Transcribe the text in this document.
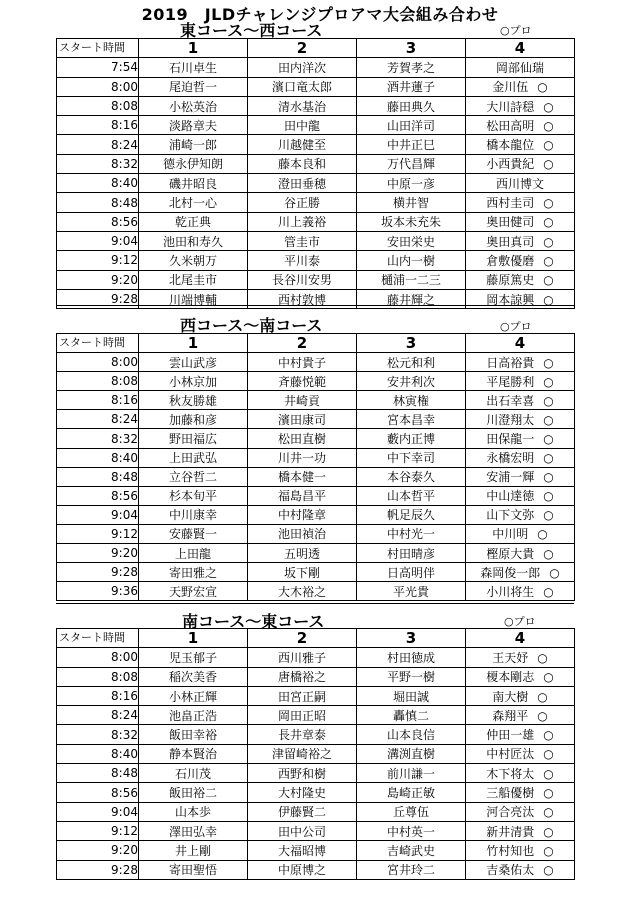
2019　JLDチャレンジプロアマ大会組み合わせ
東コース～西コース	○プロ
スタート時間	1	2	3	4
7:54	石川卓生	田内洋次	芳賀孝之	岡部仙瑞
8:00	尾迫哲一	濱口竜太郎	酒井蓮子	金川伍 ○
8:08	小松英治	清水基治	藤田典久	大川詩穏 ○
8:16	淡路章夫	田中龍	山田洋司	松田高明 ○
8:24	浦崎一郎	川越健至	中井正巳	橋本龍位 ○
8:32	德永伊知朗	藤本良和	万代昌輝	小西貴紀 ○
8:40	磯井昭良	澄田垂穂	中原一彦	西川博文
8:48	北村一心	谷正勝	横井智	西村圭司 ○
8:56	乾正典	川上義裕	坂本未充朱	奥田健司 ○
9:04	池田和寿久	管圭市	安田栄史	奥田真司 ○
9:12	久米朝万	平川泰	山内一樹	倉敷優磨 ○
9:20	北尾圭市	長谷川安男	樋浦一二三	藤原篤史 ○
9:28	川端博輔	西村敦博	藤井輝之	岡本諒興 ○
西コース～南コース	○プロ
スタート時間	1	2	3	4
8:00	雲山武彦	中村貴子	松元和利	日高裕貴 ○
8:08	小林京加	斉藤悦範	安井利次	平尾勝利 ○
8:16	秋友勝雄	井崎貢	林寅権	出石幸喜 ○
8:24	加藤和彦	濱田康司	宮本昌幸	川澄翔太 ○
8:32	野田福広	松田直樹	藪内正博	田保龍一 ○
8:40	上田武弘	川井一功	中下幸司	永橋宏明 ○
8:48	立谷哲二	橋本健一	本谷泰久	安浦一輝 ○
8:56	杉本旬平	福島昌平	山本哲平	中山達徳 ○
9:04	中川康幸	中村隆章	帆足辰久	山下文弥 ○
9:12	安藤賢一	池田禎治	中村光一	中川明 ○
9:20	上田龍	五明透	村田晴彦	樫原大貴 ○
9:28	寄田雅之	坂下剛	日高明伴	森岡俊一郎 ○
9:36	天野宏宣	大木裕之	平光貴	小川将生 ○
南コース～東コース	○プロ
スタート時間	1	2	3	4
8:00	児玉郁子	西川雅子	村田徳成	王天妤 ○
8:08	稲次美香	唐橋裕之	平野一樹	榎本剛志 ○
8:16	小林正輝	田宮正嗣	堀田誠	南大樹 ○
8:24	池畠正浩	岡田正昭	轟慎二	森翔平 ○
8:32	飯田幸裕	長井章泰	山本良信	仲田一雄 ○
8:40	静本賢治	津留崎裕之	溝渕直樹	中村匠汰 ○
8:48	石川茂	西野和樹	前川謙一	木下将太 ○
8:56	飯田裕二	大村隆史	島崎正敏	三船優樹 ○
9:04	山本歩	伊藤賢二	丘尊伍	河合亮汰 ○
9:12	澤田弘幸	田中公司	中村英一	新井清貴 ○
9:20	井上剛	大福昭博	吉崎武史	竹村知也 ○
9:28	寄田聖悟	中原博之	宮井玲二	吉桑佑太 ○
